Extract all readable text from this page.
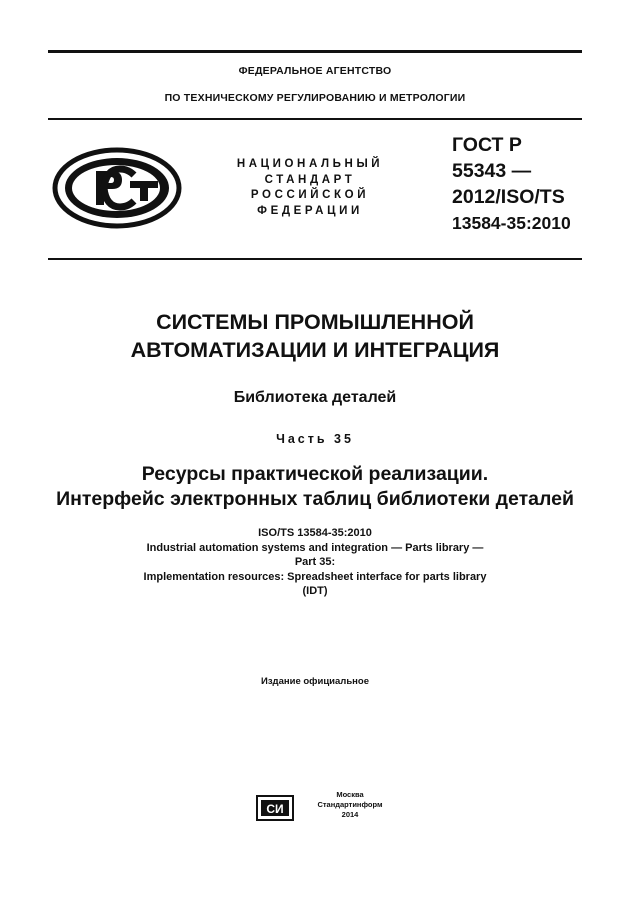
ФЕДЕРАЛЬНОЕ АГЕНТСТВО
ПО ТЕХНИЧЕСКОМУ РЕГУЛИРОВАНИЮ И МЕТРОЛОГИИ
НАЦИОНАЛЬНЫЙ
СТАНДАРТ
РОССИЙСКОЙ
ФЕДЕРАЦИИ
ГОСТ Р
55343 —
2012/ISO/TS
13584-35:2010
СИСТЕМЫ ПРОМЫШЛЕННОЙ
АВТОМАТИЗАЦИИ И ИНТЕГРАЦИЯ
Библиотека деталей
Часть 35
Ресурсы практической реализации.
Интерфейс электронных таблиц библиотеки деталей
ISO/TS 13584-35:2010
Industrial automation systems and integration — Parts library —
Part 35:
Implementation resources: Spreadsheet interface for parts library
(IDT)
Издание официальное
СИ
Москва
Стандартинформ
2014
